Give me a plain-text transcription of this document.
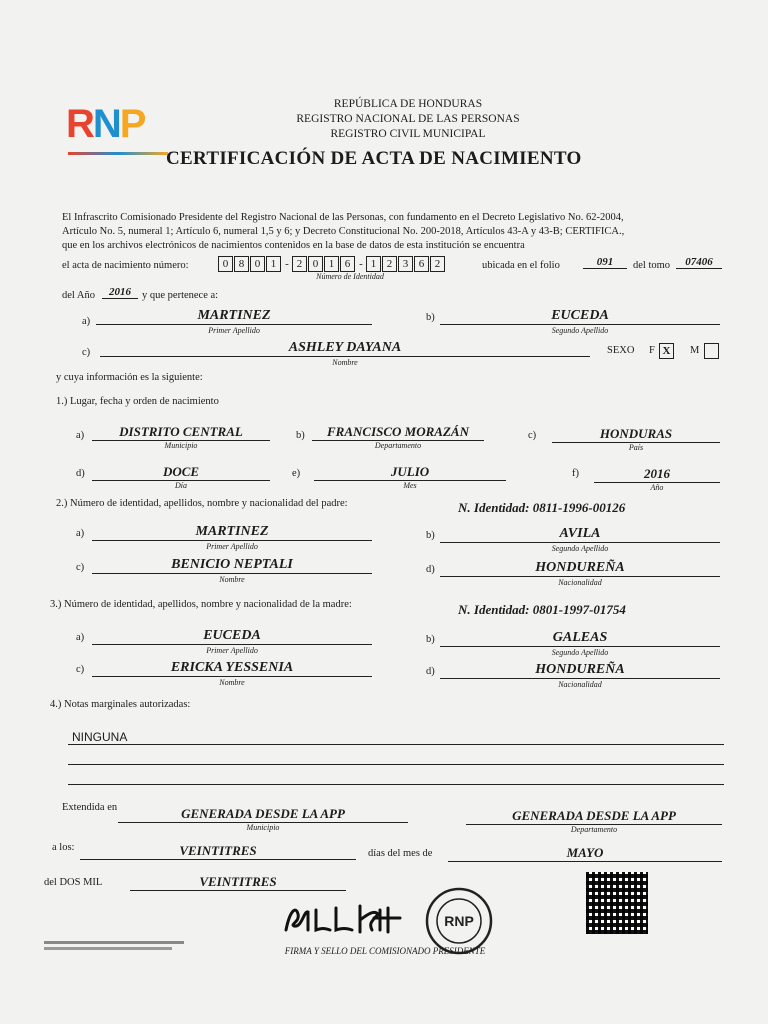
RNP	REPÚBLICA DE HONDURAS
REGISTRO NACIONAL DE LAS PERSONAS
REGISTRO CIVIL MUNICIPAL
CERTIFICACIÓN DE ACTA DE NACIMIENTO
El Infrascrito Comisionado Presidente del Registro Nacional de las Personas, con fundamento en el Decreto Legislativo No. 62-2004,
Artículo No. 5, numeral 1; Artículo 6, numeral 1,5 y 6; y Decreto Constitucional No. 200-2018, Artículos 43-A y 43-B; CERTIFICA.,
que en los archivos electrónicos de nacimientos contenidos en la base de datos de esta institución se encuentra
el acta de nacimiento número:	0 8 0 1 - 2 0 1 6 - 1 2 3 6 2
Número de Identidad
ubicada en el folio	091	del tomo	07406
del Año	2016	y que pertenece a:
a)	MARTINEZ
Primer Apellido
b)	EUCEDA
Segundo Apellido
c)	ASHLEY DAYANA
Nombre
SEXO F X	M
y cuya información es la siguiente:
1.) Lugar, fecha y orden de nacimiento
a)	DISTRITO CENTRAL
Municipio
b)	FRANCISCO MORAZÁN
Departamento
c)	HONDURAS
País
d)	DOCE
Día
e)	JULIO
Mes
f)	2016
Año
2.) Número de identidad, apellidos, nombre y nacionalidad del padre:	N. Identidad: 0811-1996-00126
a)	MARTINEZ
Primer Apellido
b)	AVILA
Segundo Apellido
c)	BENICIO NEPTALI
Nombre
d)	HONDUREÑA
Nacionalidad
3.) Número de identidad, apellidos, nombre y nacionalidad de la madre:	N. Identidad: 0801-1997-01754
a)	EUCEDA
Primer Apellido
b)	GALEAS
Segundo Apellido
c)	ERICKA YESSENIA
Nombre
d)	HONDUREÑA
Nacionalidad
4.) Notas marginales autorizadas:
NINGUNA
Extendida en	GENERADA DESDE LA APP
Municipio
GENERADA DESDE LA APP
Departamento
a los:	VEINTITRES	días del mes de	MAYO
del DOS MIL	VEINTITRES
RNP
FIRMA Y SELLO DEL COMISIONADO PRESIDENTE
